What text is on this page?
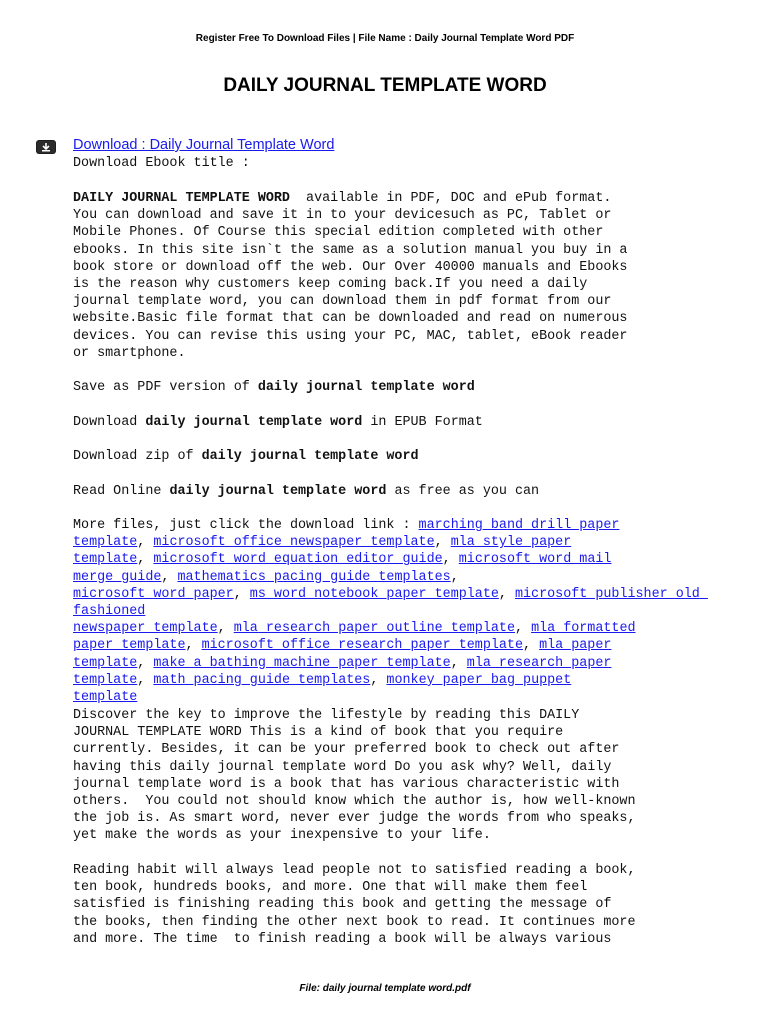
Register Free To Download Files | File Name : Daily Journal Template Word PDF
DAILY JOURNAL TEMPLATE WORD
Download : Daily Journal Template Word
Download Ebook title :
DAILY JOURNAL TEMPLATE WORD  available in PDF, DOC and ePub format.
You can download and save it in to your devicesuch as PC, Tablet or
Mobile Phones. Of Course this special edition completed with other
ebooks. In this site isn`t the same as a solution manual you buy in a
book store or download off the web. Our Over 40000 manuals and Ebooks
is the reason why customers keep coming back.If you need a daily
journal template word, you can download them in pdf format from our
website.Basic file format that can be downloaded and read on numerous
devices. You can revise this using your PC, MAC, tablet, eBook reader
or smartphone.
Save as PDF version of daily journal template word
Download daily journal template word in EPUB Format
Download zip of daily journal template word
Read Online daily journal template word as free as you can
More files, just click the download link : marching band drill paper
template, microsoft office newspaper template, mla style paper
template, microsoft word equation editor guide, microsoft word mail
merge guide, mathematics pacing guide templates,
microsoft word paper, ms word notebook paper template, microsoft publisher old fashioned
newspaper template, mla research paper outline template, mla formatted
paper template, microsoft office research paper template, mla paper
template, make a bathing machine paper template, mla research paper
template, math pacing guide templates, monkey paper bag puppet
template
Discover the key to improve the lifestyle by reading this DAILY
JOURNAL TEMPLATE WORD This is a kind of book that you require
currently. Besides, it can be your preferred book to check out after
having this daily journal template word Do you ask why? Well, daily
journal template word is a book that has various characteristic with
others.  You could not should know which the author is, how well-known
the job is. As smart word, never ever judge the words from who speaks,
yet make the words as your inexpensive to your life.
Reading habit will always lead people not to satisfied reading a book,
ten book, hundreds books, and more. One that will make them feel
satisfied is finishing reading this book and getting the message of
the books, then finding the other next book to read. It continues more
and more. The time  to finish reading a book will be always various
File: daily journal template word.pdf
